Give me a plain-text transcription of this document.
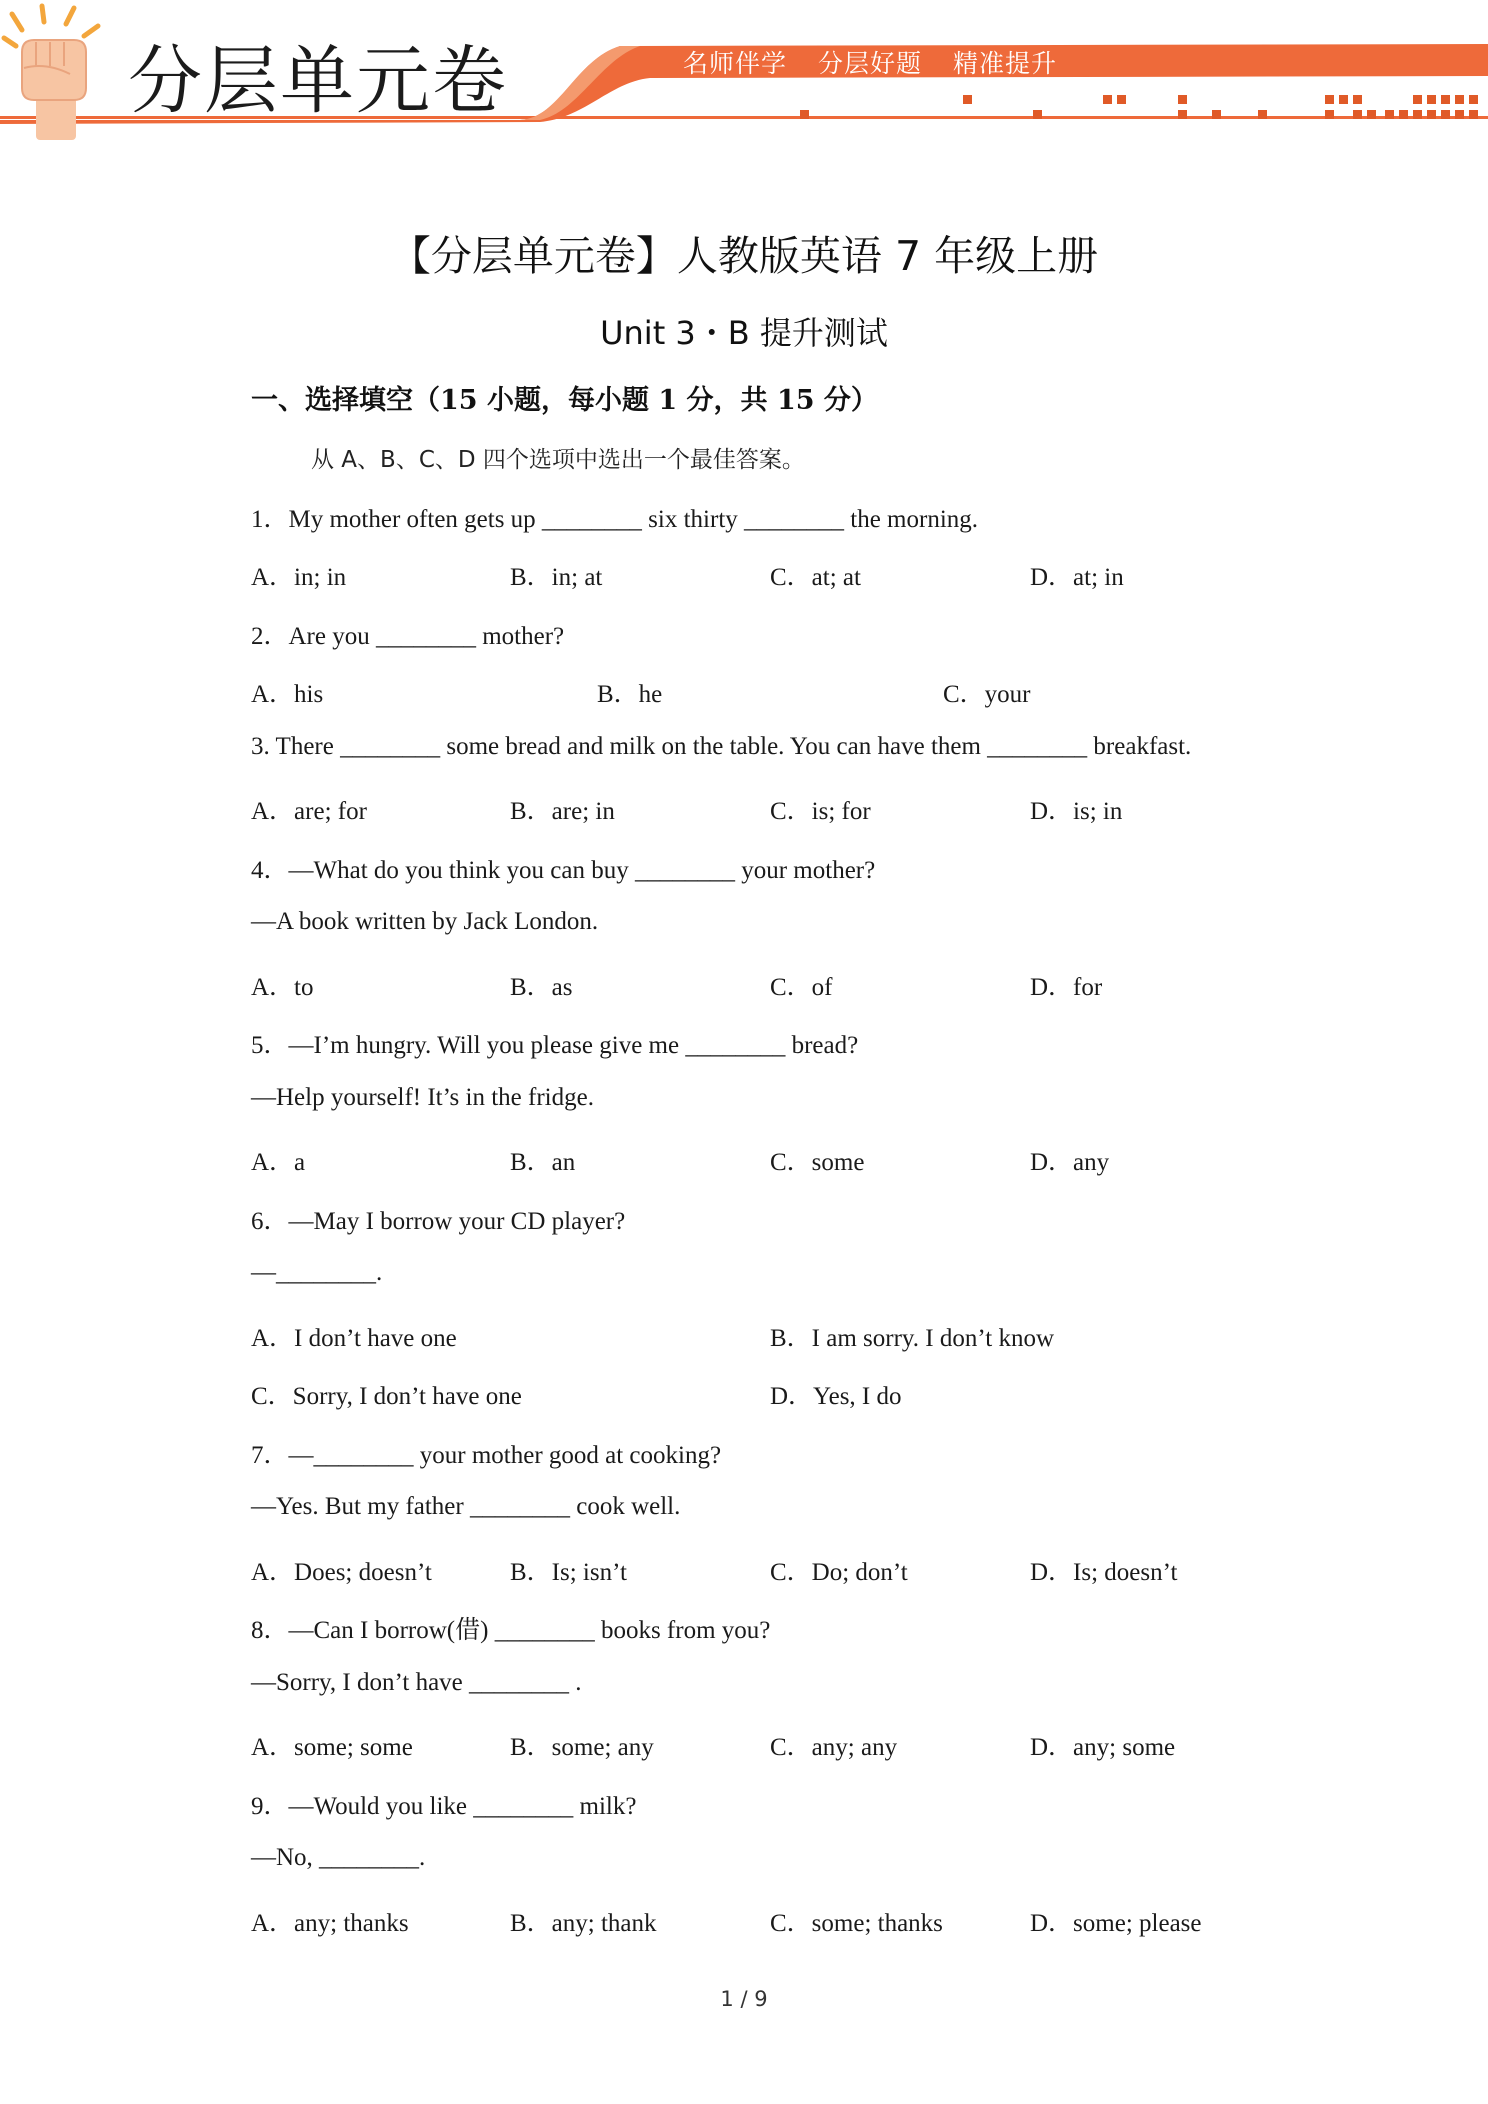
分层单元卷	名师伴学 分层好题 精准提升
【分层单元卷】人教版英语 7 年级上册
Unit 3・B 提升测试
一、选择填空（15 小题，每小题 1 分，共 15 分）
从 A、B、C、D 四个选项中选出一个最佳答案。
1．My mother often gets up ________ six thirty ________ the morning.
A．in; in	B．in; at	C．at; at	D．at; in
2．Are you ________ mother?
A．his	B．he	C．your
3. There ________ some bread and milk on the table. You can have them ________ breakfast.
A．are; for	B．are; in	C．is; for	D．is; in
4．—What do you think you can buy ________ your mother?
—A book written by Jack London.
A．to	B．as	C．of	D．for
5．—I’m hungry. Will you please give me ________ bread?
—Help yourself! It’s in the fridge.
A．a	B．an	C．some	D．any
6．—May I borrow your CD player?
—________.
A．I don’t have one	B．I am sorry. I don’t know
C．Sorry, I don’t have one	D．Yes, I do
7．—________ your mother good at cooking?
—Yes. But my father ________ cook well.
A．Does; doesn’t	B．Is; isn’t	C．Do; don’t	D．Is; doesn’t
8．—Can I borrow(借) ________ books from you?
—Sorry, I don’t have ________ .
A．some; some	B．some; any	C．any; any	D．any; some
9．—Would you like ________ milk?
—No, ________.
A．any; thanks	B．any; thank	C．some; thanks	D．some; please
1 / 9
